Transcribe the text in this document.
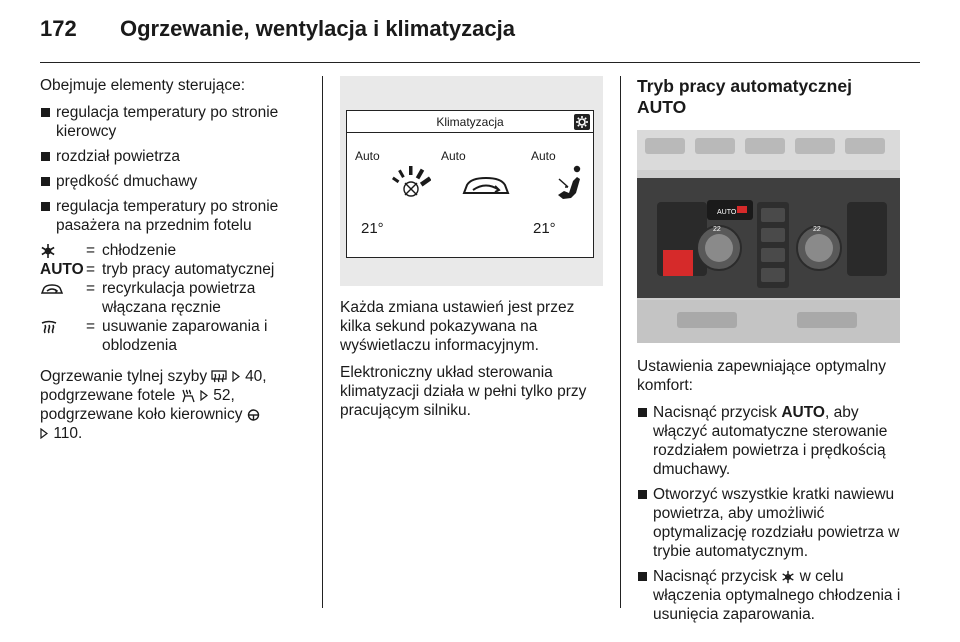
172 Ogrzewanie, wentylacja i klimatyzacja

Obejmuje elementy sterujące:

regulacja temperatury po stronie kierowcy
rozdział powietrza
prędkość dmuchawy
regulacja temperatury po stronie pasażera na przednim fotelu
= chłodzenie
AUTO = tryb pracy automatycznej
= recyrkulacja powietrza włączana ręcznie
= usuwanie zaparowania i oblodzenia

Ogrzewanie tylnej szyby 40,
podgrzewane fotele 52,
podgrzewane koło kierownicy
110.

Klimatyzacja
Auto	Auto	Auto
21°	21°

Każda zmiana ustawień jest przez kilka sekund pokazywana na wyświetlaczu informacyjnym.

Elektroniczny układ sterowania klimatyzacji działa w pełni tylko przy pracującym silniku.

Tryb pracy automatycznej AUTO
AUTO
22	22

Ustawienia zapewniające optymalny komfort:

Nacisnąć przycisk AUTO, aby włączyć automatyczne sterowanie rozdziałem powietrza i prędkością dmuchawy.
Otworzyć wszystkie kratki nawiewu powietrza, aby umożliwić optymalizację rozdziału powietrza w trybie automatycznym.
Nacisnąć przycisk  w celu włączenia optymalnego chłodzenia i usunięcia zaparowania.
